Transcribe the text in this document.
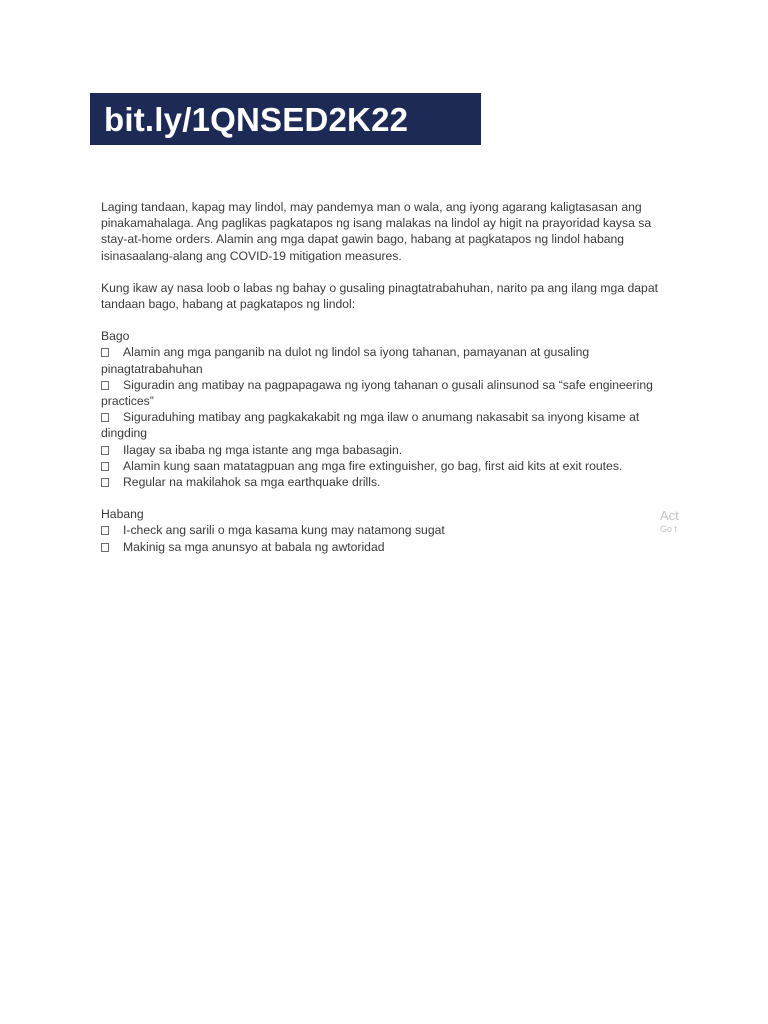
bit.ly/1QNSED2K22
Laging tandaan, kapag may lindol, may pandemya man o wala, ang iyong agarang kaligtasasan ang
pinakamahalaga. Ang paglikas pagkatapos ng isang malakas na lindol ay higit na prayoridad kaysa sa
stay-at-home orders. Alamin ang mga dapat gawin bago, habang at pagkatapos ng lindol habang
isinasaalang-alang ang COVID-19 mitigation measures.
Kung ikaw ay nasa loob o labas ng bahay o gusaling pinagtatrabahuhan, narito pa ang ilang mga dapat
tandaan bago, habang at pagkatapos ng lindol:
Bago
Alamin ang mga panganib na dulot ng lindol sa iyong tahanan, pamayanan at gusaling
pinagtatrabahuhan
Siguradin ang matibay na pagpapagawa ng iyong tahanan o gusali alinsunod sa “safe engineering
practices”
Siguraduhing matibay ang pagkakakabit ng mga ilaw o anumang nakasabit sa inyong kisame at
dingding
Ilagay sa ibaba ng mga istante ang mga babasagin.
Alamin kung saan matatagpuan ang mga fire extinguisher, go bag, first aid kits at exit routes.
Regular na makilahok sa mga earthquake drills.
Habang
I-check ang sarili o mga kasama kung may natamong sugat
Makinig sa mga anunsyo at babala ng awtoridad
Act
Go t
